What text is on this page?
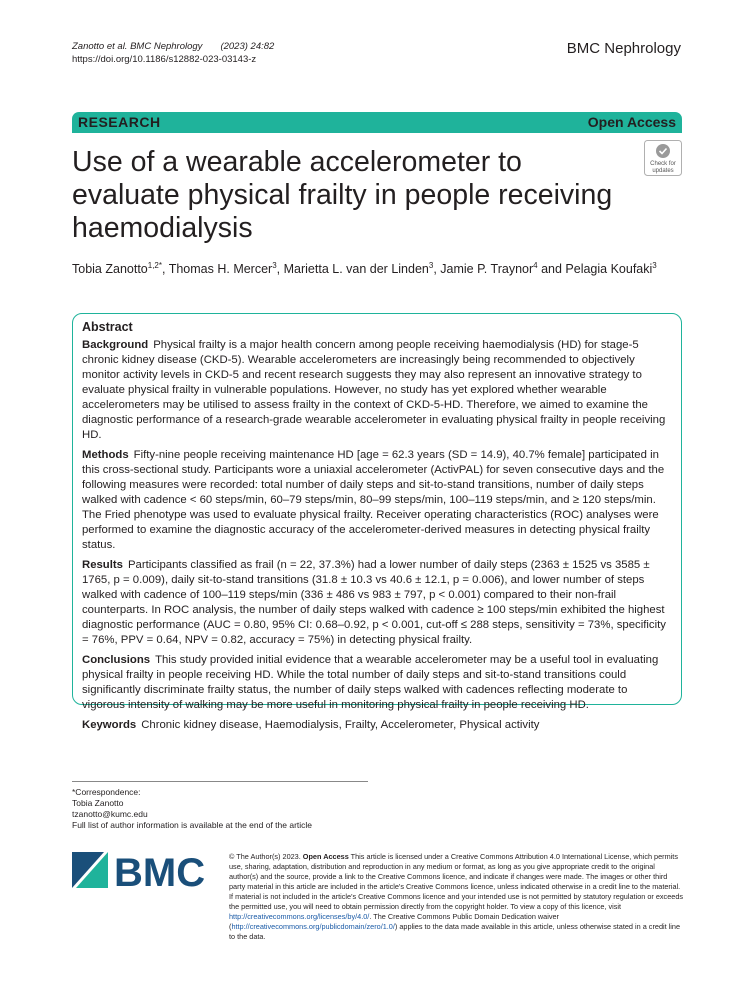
Zanotto et al. BMC Nephrology (2023) 24:82
https://doi.org/10.1186/s12882-023-03143-z
BMC Nephrology
RESEARCH	Open Access
Use of a wearable accelerometer to evaluate physical frailty in people receiving haemodialysis
Check for
updates
Tobia Zanotto$^{1,2*}$, Thomas H. Mercer$^3$, Marietta L. van der Linden$^3$, Jamie P. Traynor$^4$ and Pelagia Koufaki$^3$
Abstract

Background Physical frailty is a major health concern among people receiving haemodialysis (HD) for stage-5 chronic kidney disease (CKD-5). Wearable accelerometers are increasingly being recommended to objectively monitor activity levels in CKD-5 and recent research suggests they may also represent an innovative strategy to evaluate physical frailty in vulnerable populations. However, no study has yet explored whether wearable accelerometers may be utilised to assess frailty in the context of CKD-5-HD. Therefore, we aimed to examine the diagnostic performance of a research-grade wearable accelerometer in evaluating physical frailty in people receiving HD.

Methods Fifty-nine people receiving maintenance HD [age = 62.3 years (SD = 14.9), 40.7% female] participated in this cross-sectional study. Participants wore a uniaxial accelerometer (ActivPAL) for seven consecutive days and the following measures were recorded: total number of daily steps and sit-to-stand transitions, number of daily steps walked with cadence < 60 steps/min, 60–79 steps/min, 80–99 steps/min, 100–119 steps/min, and ≥ 120 steps/min. The Fried phenotype was used to evaluate physical frailty. Receiver operating characteristics (ROC) analyses were performed to examine the diagnostic accuracy of the accelerometer-derived measures in detecting physical frailty status.

Results Participants classified as frail (n = 22, 37.3%) had a lower number of daily steps (2363 ± 1525 vs 3585 ± 1765, p = 0.009), daily sit-to-stand transitions (31.8 ± 10.3 vs 40.6 ± 12.1, p = 0.006), and lower number of steps walked with cadence of 100–119 steps/min (336 ± 486 vs 983 ± 797, p < 0.001) compared to their non-frail counterparts. In ROC analysis, the number of daily steps walked with cadence ≥ 100 steps/min exhibited the highest diagnostic performance (AUC = 0.80, 95% CI: 0.68–0.92, p < 0.001, cut-off ≤ 288 steps, sensitivity = 73%, specificity = 76%, PPV = 0.64, NPV = 0.82, accuracy = 75%) in detecting physical frailty.

Conclusions This study provided initial evidence that a wearable accelerometer may be a useful tool in evaluating physical frailty in people receiving HD. While the total number of daily steps and sit-to-stand transitions could significantly discriminate frailty status, the number of daily steps walked with cadences reflecting moderate to vigorous intensity of walking may be more useful in monitoring physical frailty in people receiving HD.

Keywords Chronic kidney disease, Haemodialysis, Frailty, Accelerometer, Physical activity

*Correspondence:
Tobia Zanotto
tzanotto@kumc.edu
Full list of author information is available at the end of the article
BMC	© The Author(s) 2023. Open Access This article is licensed under a Creative Commons Attribution 4.0 International License, which permits use, sharing, adaptation, distribution and reproduction in any medium or format, as long as you give appropriate credit to the original author(s) and the source, provide a link to the Creative Commons licence, and indicate if changes were made. The images or other third party material in this article are included in the article's Creative Commons licence, unless indicated otherwise in a credit line to the material. If material is not included in the article's Creative Commons licence and your intended use is not permitted by statutory regulation or exceeds the permitted use, you will need to obtain permission directly from the copyright holder. To view a copy of this licence, visit http://creativecommons.org/licenses/by/4.0/. The Creative Commons Public Domain Dedication waiver (http://creativecommons.org/publicdomain/zero/1.0/) applies to the data made available in this article, unless otherwise stated in a credit line to the data.
